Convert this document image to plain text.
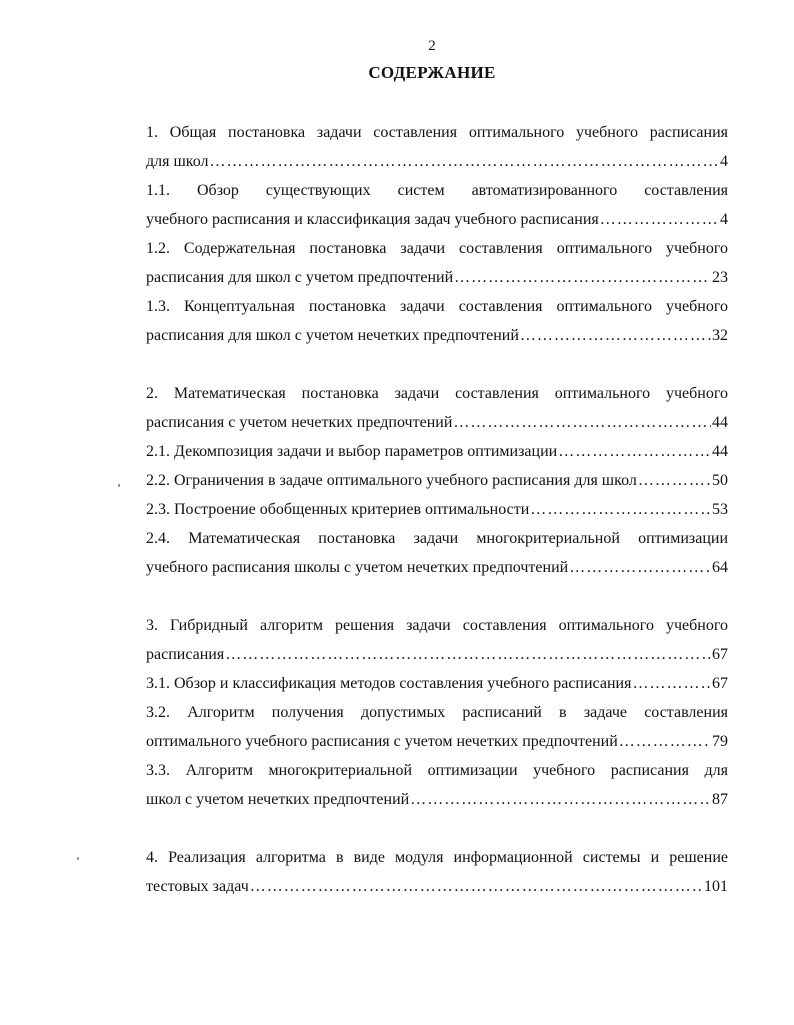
2
СОДЕРЖАНИЕ
1. Общая постановка задачи составления оптимального учебного расписания
для школ …………………………………………………………………………………………………………………………………………………………………………………………………	4
1.1. Обзор существующих систем автоматизированного составления
учебного расписания и классификация задач учебного расписания …………………………………………………………………………………………………………………………………………………………………………………………………	4
1.2. Содержательная постановка задачи составления оптимального учебного
расписания для школ с учетом предпочтений …………………………………………………………………………………………………………………………………………………………………………………………………	23
1.3. Концептуальная постановка задачи составления оптимального учебного
расписания для школ с учетом нечетких предпочтений …………………………………………………………………………………………………………………………………………………………………………………………………	32
2. Математическая постановка задачи составления оптимального учебного
расписания с учетом нечетких предпочтений …………………………………………………………………………………………………………………………………………………………………………………………………	44
2.1. Декомпозиция задачи и выбор параметров оптимизации …………………………………………………………………………………………………………………………………………………………………………………………………	44
2.2. Ограничения в задаче оптимального учебного расписания для школ …………………………………………………………………………………………………………………………………………………………………………………………………	50
2.3. Построение обобщенных критериев оптимальности …………………………………………………………………………………………………………………………………………………………………………………………………	53
2.4. Математическая постановка задачи многокритериальной оптимизации
учебного расписания школы с учетом нечетких предпочтений …………………………………………………………………………………………………………………………………………………………………………………………………	64
3. Гибридный алгоритм решения задачи составления оптимального учебного
расписания …………………………………………………………………………………………………………………………………………………………………………………………………	67
3.1. Обзор и классификация методов составления учебного расписания …………………………………………………………………………………………………………………………………………………………………………………………………	67
3.2. Алгоритм получения допустимых расписаний в задаче составления
оптимального учебного расписания с учетом нечетких предпочтений …………………………………………………………………………………………………………………………………………………………………………………………………	79
3.3. Алгоритм многокритериальной оптимизации учебного расписания для
школ с учетом нечетких предпочтений …………………………………………………………………………………………………………………………………………………………………………………………………	87
4. Реализация алгоритма в виде модуля информационной системы и решение
тестовых задач …………………………………………………………………………………………………………………………………………………………………………………………………	101
